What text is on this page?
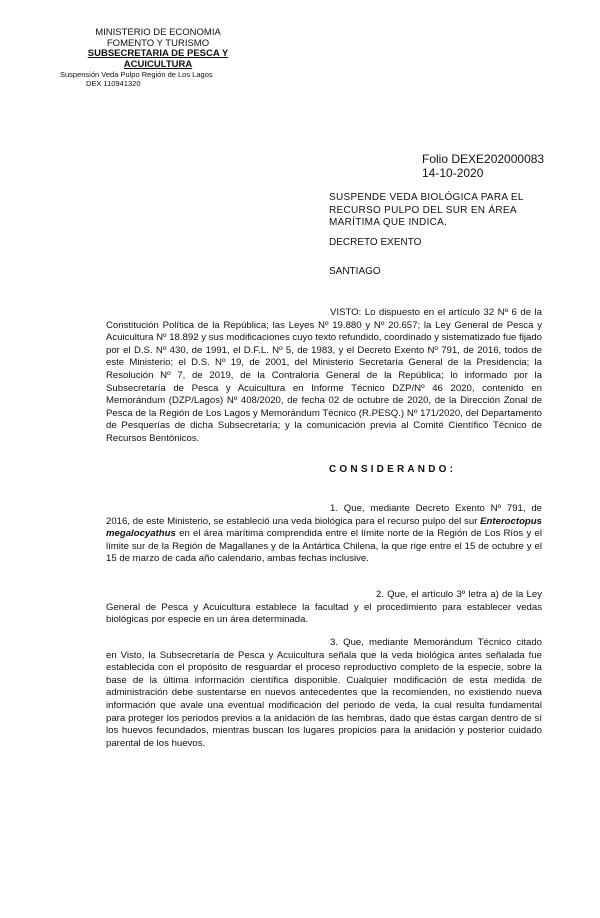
MINISTERIO DE ECONOMIA
FOMENTO Y TURISMO
SUBSECRETARIA DE PESCA Y
ACUICULTURA
Suspensión Veda Pulpo Región de Los Lagos
DEX 110941320
Folio DEXE202000083
14-10-2020
SUSPENDE VEDA BIOLÓGICA PARA EL RECURSO PULPO DEL SUR EN ÁREA MARÍTIMA QUE INDICA.
DECRETO EXENTO
SANTIAGO
VISTO: Lo dispuesto en el artículo 32 Nº 6 de la Constitución Política de la República; las Leyes Nº 19.880 y Nº 20.657; la Ley General de Pesca y Acuicultura Nº 18.892 y sus modificaciones cuyo texto refundido, coordinado y sistematizado fue fijado por el D.S. Nº 430, de 1991, el D.F.L. Nº 5, de 1983, y el Decreto Exento Nº 791, de 2016, todos de este Ministerio; el D.S. Nº 19, de 2001, del Ministerio Secretaría General de la Presidencia; la Resolución Nº 7, de 2019, de la Contraloría General de la República; lo informado por la Subsecretaría de Pesca y Acuicultura en Informe Técnico DZP/Nº 46 2020, contenido en Memorándum (DZP/Lagos) Nº 408/2020, de fecha 02 de octubre de 2020, de la Dirección Zonal de Pesca de la Región de Los Lagos y Memorándum Técnico (R.PESQ.) Nº 171/2020, del Departamento de Pesquerías de dicha Subsecretaría; y la comunicación previa al Comité Científico Técnico de Recursos Bentónicos.
CONSIDERANDO:
1. Que, mediante Decreto Exento Nº 791, de 2016, de este Ministerio, se estableció una veda biológica para el recurso pulpo del sur Enteroctopus megalocyathus en el área marítima comprendida entre el límite norte de la Región de Los Ríos y el límite sur de la Región de Magallanes y de la Antártica Chilena, la que rige entre el 15 de octubre y el 15 de marzo de cada año calendario, ambas fechas inclusive.
2. Que, el artículo 3º letra a) de la Ley General de Pesca y Acuicultura establece la facultad y el procedimiento para establecer vedas biológicas por especie en un área determinada.
3. Que, mediante Memorándum Técnico citado en Visto, la Subsecretaría de Pesca y Acuicultura señala que la veda biológica antes señalada fue establecida con el propósito de resguardar el proceso reproductivo completo de la especie, sobre la base de la última información científica disponible. Cualquier modificación de esta medida de administración debe sustentarse en nuevos antecedentes que la recomienden, no existiendo nueva información que avale una eventual modificación del periodo de veda, la cual resulta fundamental para proteger los periodos previos a la anidación de las hembras, dado que éstas cargan dentro de sí los huevos fecundados, mientras buscan los lugares propicios para la anidación y posterior cuidado parental de los huevos.
